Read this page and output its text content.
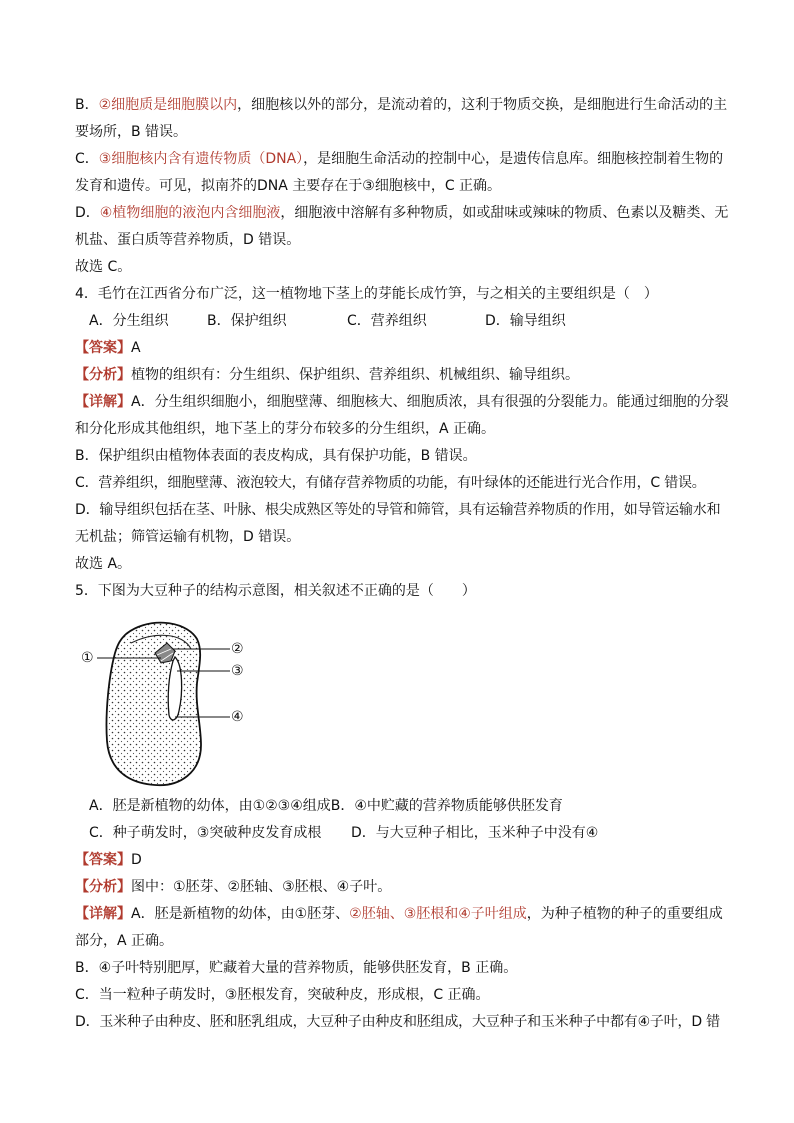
B．②细胞质是细胞膜以内，细胞核以外的部分，是流动着的，这利于物质交换，是细胞进行生命活动的主
要场所，B 错误。
C．③细胞核内含有遗传物质（DNA），是细胞生命活动的控制中心，是遗传信息库。细胞核控制着生物的
发育和遗传。可见，拟南芥的DNA 主要存在于③细胞核中，C 正确。
D．④植物细胞的液泡内含细胞液，细胞液中溶解有多种物质，如或甜味或辣味的物质、色素以及糖类、无
机盐、蛋白质等营养物质，D 错误。
故选 C。
4．毛竹在江西省分布广泛，这一植物地下茎上的芽能长成竹笋，与之相关的主要组织是（　）
A．分生组织	B．保护组织	C．营养组织	D．输导组织
【答案】A
【分析】植物的组织有：分生组织、保护组织、营养组织、机械组织、输导组织。
【详解】A．分生组织细胞小，细胞壁薄、细胞核大、细胞质浓，具有很强的分裂能力。能通过细胞的分裂
和分化形成其他组织，地下茎上的芽分布较多的分生组织，A 正确。
B．保护组织由植物体表面的表皮构成，具有保护功能，B 错误。
C．营养组织，细胞壁薄、液泡较大，有储存营养物质的功能，有叶绿体的还能进行光合作用，C 错误。
D．输导组织包括在茎、叶脉、根尖成熟区等处的导管和筛管，具有运输营养物质的作用，如导管运输水和
无机盐；筛管运输有机物，D 错误。
故选 A。
5．下图为大豆种子的结构示意图，相关叙述不正确的是（　　）
①
②
③
④
A．胚是新植物的幼体，由①②③④组成B．④中贮藏的营养物质能够供胚发育
C．种子萌发时，③突破种皮发育成根 D．与大豆种子相比，玉米种子中没有④
【答案】D
【分析】图中：①胚芽、②胚轴、③胚根、④子叶。
【详解】A．胚是新植物的幼体，由①胚芽、②胚轴、③胚根和④子叶组成，为种子植物的种子的重要组成
部分，A 正确。
B．④子叶特别肥厚，贮藏着大量的营养物质，能够供胚发育，B 正确。
C．当一粒种子萌发时，③胚根发育，突破种皮，形成根，C 正确。
D．玉米种子由种皮、胚和胚乳组成，大豆种子由种皮和胚组成，大豆种子和玉米种子中都有④子叶，D 错
